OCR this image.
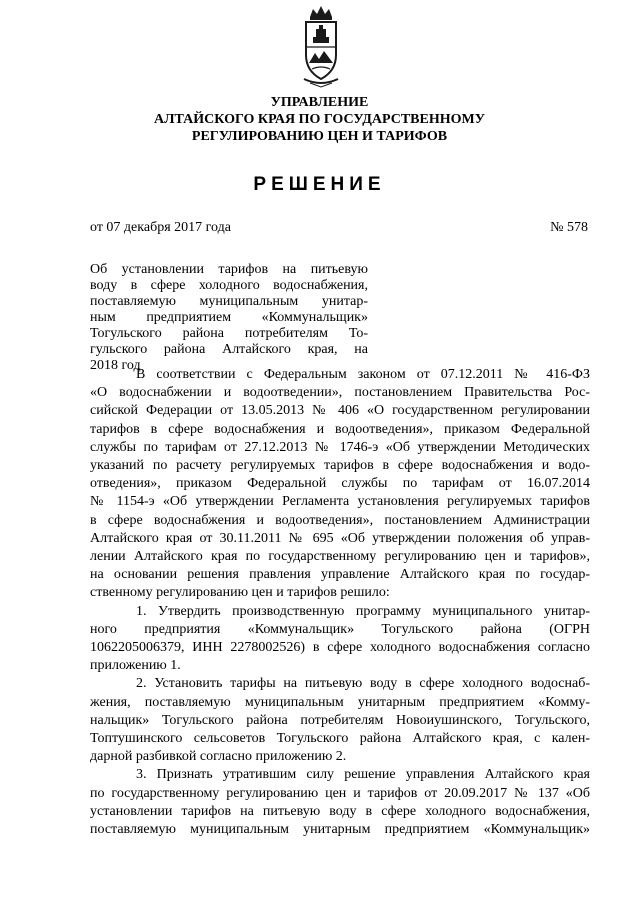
УПРАВЛЕНИЕ
АЛТАЙСКОГО КРАЯ ПО ГОСУДАРСТВЕННОМУ
РЕГУЛИРОВАНИЮ ЦЕН И ТАРИФОВ
РЕШЕНИЕ
от 07 декабря 2017 года	№ 578
Об установлении тарифов на питьевую
воду в сфере холодного водоснабжения,
поставляемую муниципальным унитар-
ным предприятием «Коммунальщик»
Тогульского района потребителям То-
гульского района Алтайского края, на
2018 год
В соответствии с Федеральным законом от 07.12.2011 № 416-ФЗ
«О водоснабжении и водоотведении», постановлением Правительства Рос-
сийской Федерации от 13.05.2013 № 406 «О государственном регулировании
тарифов в сфере водоснабжения и водоотведения», приказом Федеральной
службы по тарифам от 27.12.2013 № 1746-э «Об утверждении Методических
указаний по расчету регулируемых тарифов в сфере водоснабжения и водо-
отведения», приказом Федеральной службы по тарифам от 16.07.2014
№ 1154-э «Об утверждении Регламента установления регулируемых тарифов
в сфере водоснабжения и водоотведения», постановлением Администрации
Алтайского края от 30.11.2011 № 695 «Об утверждении положения об управ-
лении Алтайского края по государственному регулированию цен и тарифов»,
на основании решения правления управление Алтайского края по государ-
ственному регулированию цен и тарифов решило:
1. Утвердить производственную программу муниципального унитар-
ного предприятия «Коммунальщик» Тогульского района (ОГРН
1062205006379, ИНН 2278002526) в сфере холодного водоснабжения согласно
приложению 1.
2. Установить тарифы на питьевую воду в сфере холодного водоснаб-
жения, поставляемую муниципальным унитарным предприятием «Комму-
нальщик» Тогульского района потребителям Новоиушинского, Тогульского,
Топтушинского сельсоветов Тогульского района Алтайского края, с кален-
дарной разбивкой согласно приложению 2.
3. Признать утратившим силу решение управления Алтайского края
по государственному регулированию цен и тарифов от 20.09.2017 № 137 «Об
установлении тарифов на питьевую воду в сфере холодного водоснабжения,
поставляемую муниципальным унитарным предприятием «Коммунальщик»
